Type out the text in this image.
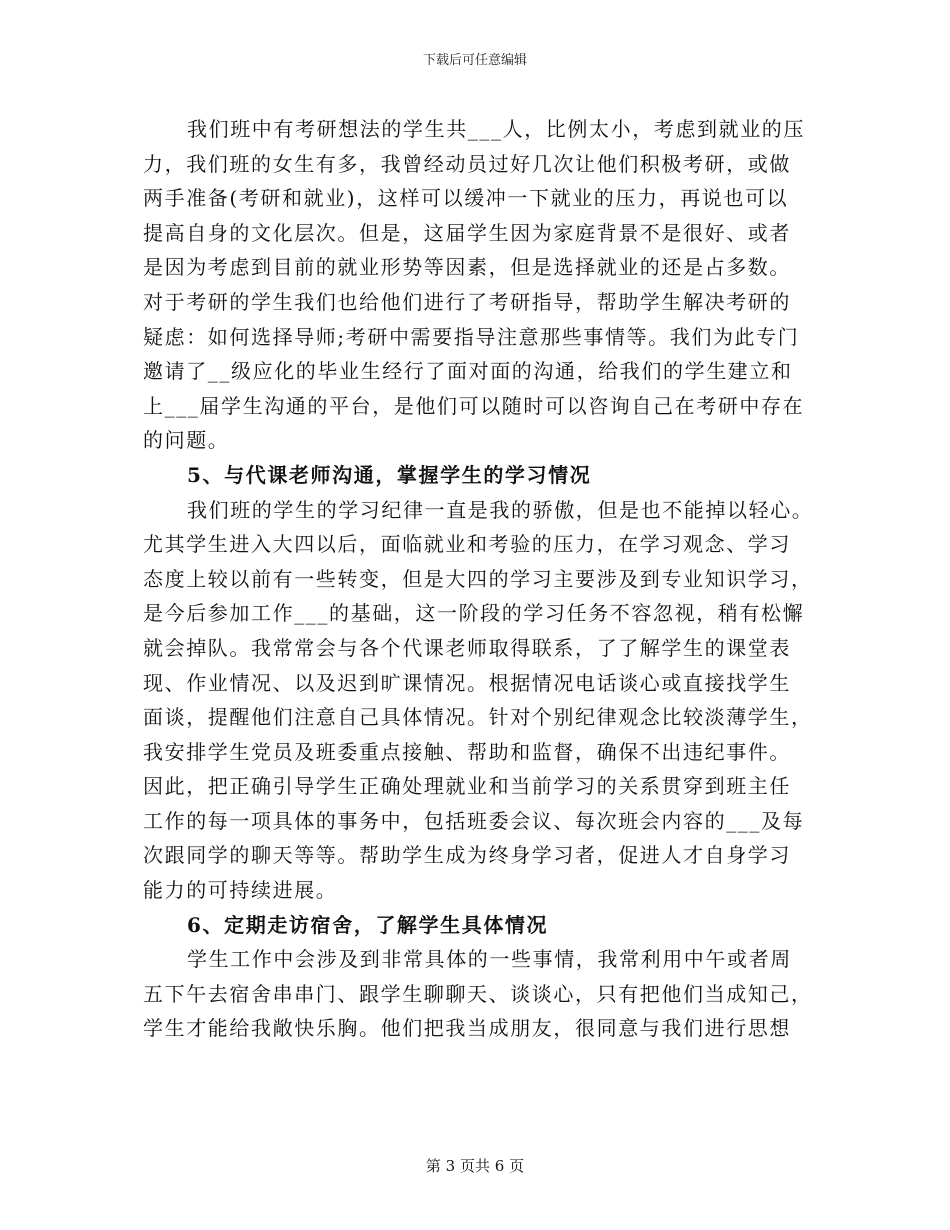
下载后可任意编辑
我们班中有考研想法的学生共___人，比例太小，考虑到就业的压
力，我们班的女生有多，我曾经动员过好几次让他们积极考研，或做
两手准备(考研和就业)，这样可以缓冲一下就业的压力，再说也可以
提高自身的文化层次。但是，这届学生因为家庭背景不是很好、或者
是因为考虑到目前的就业形势等因素，但是选择就业的还是占多数。
对于考研的学生我们也给他们进行了考研指导，帮助学生解决考研的
疑虑：如何选择导师;考研中需要指导注意那些事情等。我们为此专门
邀请了__级应化的毕业生经行了面对面的沟通，给我们的学生建立和
上___届学生沟通的平台，是他们可以随时可以咨询自己在考研中存在
的问题。
5、与代课老师沟通，掌握学生的学习情况
我们班的学生的学习纪律一直是我的骄傲，但是也不能掉以轻心。
尤其学生进入大四以后，面临就业和考验的压力，在学习观念、学习
态度上较以前有一些转变，但是大四的学习主要涉及到专业知识学习，
是今后参加工作___的基础，这一阶段的学习任务不容忽视，稍有松懈
就会掉队。我常常会与各个代课老师取得联系，了了解学生的课堂表
现、作业情况、以及迟到旷课情况。根据情况电话谈心或直接找学生
面谈，提醒他们注意自己具体情况。针对个别纪律观念比较淡薄学生，
我安排学生党员及班委重点接触、帮助和监督，确保不出违纪事件。
因此，把正确引导学生正确处理就业和当前学习的关系贯穿到班主任
工作的每一项具体的事务中，包括班委会议、每次班会内容的___及每
次跟同学的聊天等等。帮助学生成为终身学习者，促进人才自身学习
能力的可持续进展。
6、定期走访宿舍，了解学生具体情况
学生工作中会涉及到非常具体的一些事情，我常利用中午或者周
五下午去宿舍串串门、跟学生聊聊天、谈谈心，只有把他们当成知己，
学生才能给我敞快乐胸。他们把我当成朋友，很同意与我们进行思想
第 3 页共 6 页
